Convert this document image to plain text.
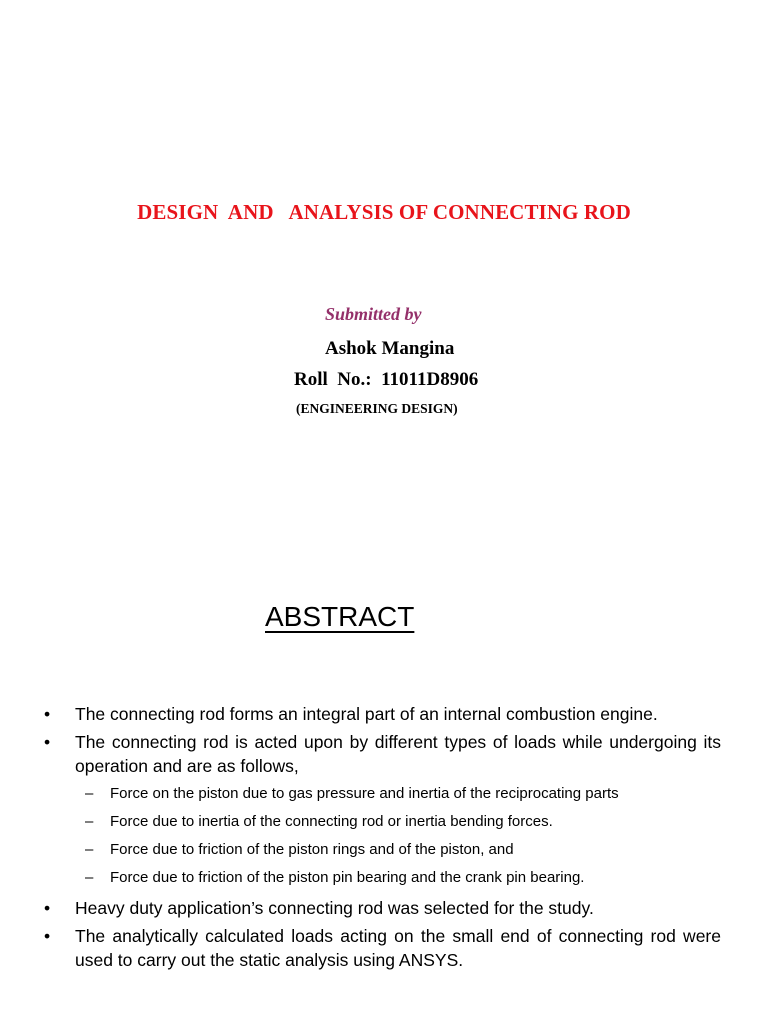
DESIGN  AND   ANALYSIS OF CONNECTING ROD
Submitted by
Ashok Mangina
Roll  No.:  11011D8906
(ENGINEERING DESIGN)
ABSTRACT
• The connecting rod forms an integral part of an internal combustion engine.
• The connecting rod is acted upon by different types of loads while undergoing its operation and are as follows,
– Force on the piston due to gas pressure and inertia of the reciprocating parts
– Force due to inertia of the connecting rod or inertia bending forces.
– Force due to friction of the piston rings and of the piston, and
– Force due to friction of the piston pin bearing and the crank pin bearing.
• Heavy duty application’s connecting rod was selected for the study.
• The analytically calculated loads acting on the small end of connecting rod were used to carry out the static analysis using ANSYS.
